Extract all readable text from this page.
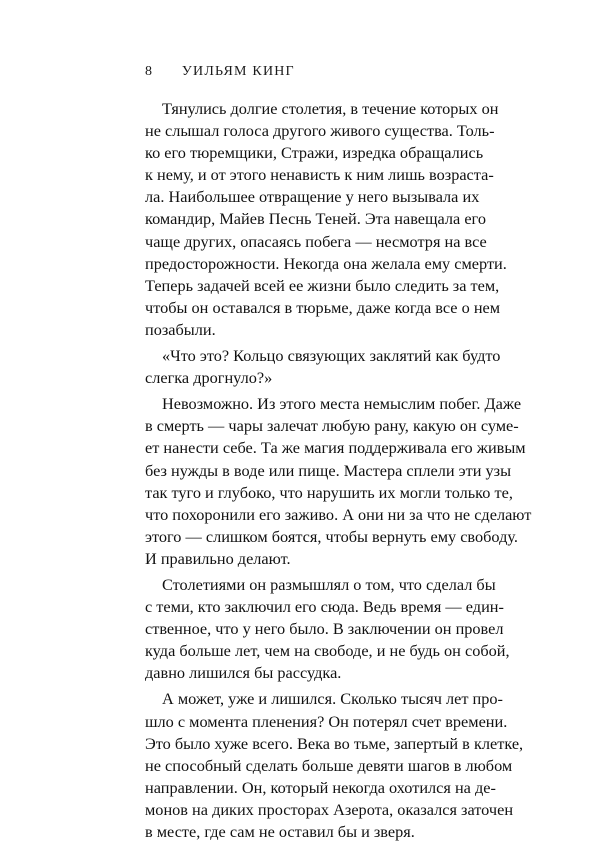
8 УИЛЬЯМ КИНГ

Тянулись долгие столетия, в течение которых он
не слышал голоса другого живого существа. Толь-
ко его тюремщики, Стражи, изредка обращались
к нему, и от этого ненависть к ним лишь возраста-
ла. Наибольшее отвращение у него вызывала их
командир, Майев Песнь Теней. Эта навещала его
чаще других, опасаясь побега — несмотря на все
предосторожности. Некогда она желала ему смерти.
Теперь задачей всей ее жизни было следить за тем,
чтобы он оставался в тюрьме, даже когда все о нем
позабыли.

«Что это? Кольцо связующих заклятий как будто
слегка дрогнуло?»

Невозможно. Из этого места немыслим побег. Даже
в смерть — чары залечат любую рану, какую он суме-
ет нанести себе. Та же магия поддерживала его живым
без нужды в воде или пище. Мастера сплели эти узы
так туго и глубоко, что нарушить их могли только те,
что похоронили его заживо. А они ни за что не сделают
этого — слишком боятся, чтобы вернуть ему свободу.
И правильно делают.

Столетиями он размышлял о том, что сделал бы
с теми, кто заключил его сюда. Ведь время — един-
ственное, что у него было. В заключении он провел
куда больше лет, чем на свободе, и не будь он собой,
давно лишился бы рассудка.

А может, уже и лишился. Сколько тысяч лет про-
шло с момента пленения? Он потерял счет времени.
Это было хуже всего. Века во тьме, запертый в клетке,
не способный сделать больше девяти шагов в любом
направлении. Он, который некогда охотился на де-
монов на диких просторах Азерота, оказался заточен
в месте, где сам не оставил бы и зверя.
